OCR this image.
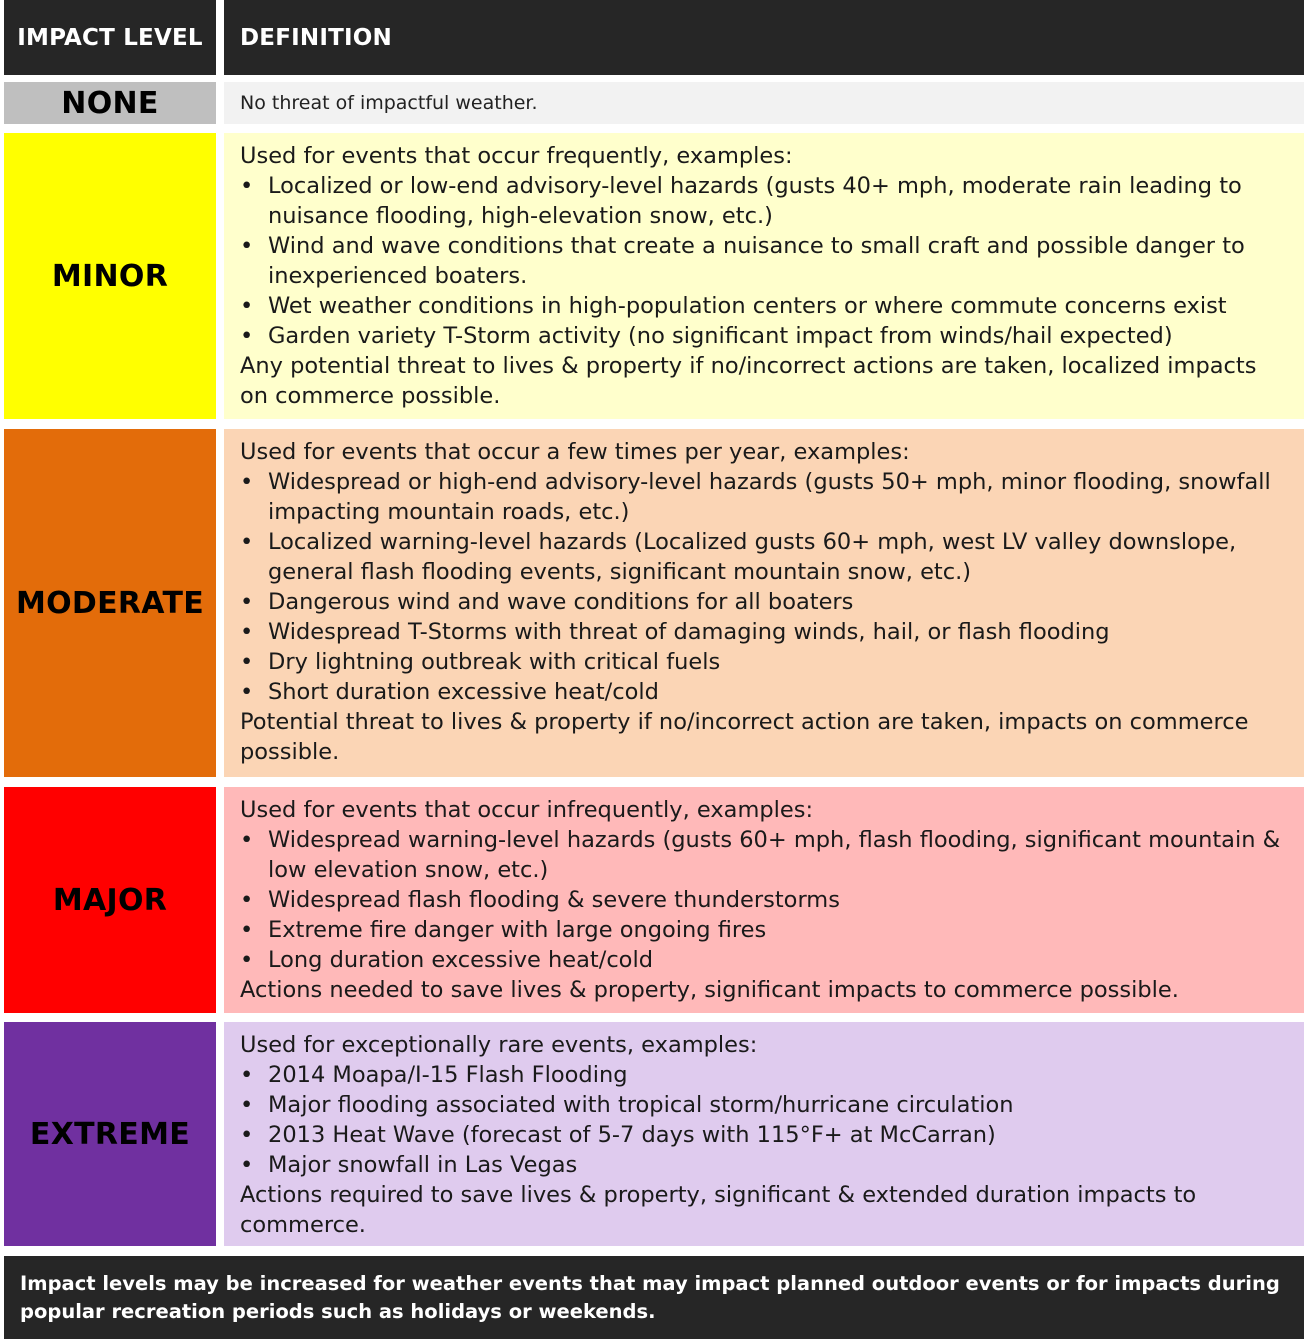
IMPACT LEVEL DEFINITION
NONE	No threat of impactful weather.
MINOR

Used for events that occur frequently, examples:

• Localized or low-end advisory-level hazards (gusts 40+ mph, moderate rain leading to nuisance flooding, high-elevation snow, etc.)
• Wind and wave conditions that create a nuisance to small craft and possible danger to inexperienced boaters.
• Wet weather conditions in high-population centers or where commute concerns exist
• Garden variety T-Storm activity (no significant impact from winds/hail expected)

Any potential threat to lives & property if no/incorrect actions are taken, localized impacts on commerce possible.

MODERATE

Used for events that occur a few times per year, examples:

• Widespread or high-end advisory-level hazards (gusts 50+ mph, minor flooding, snowfall impacting mountain roads, etc.)
• Localized warning-level hazards (Localized gusts 60+ mph, west LV valley downslope, general flash flooding events, significant mountain snow, etc.)
• Dangerous wind and wave conditions for all boaters
• Widespread T-Storms with threat of damaging winds, hail, or flash flooding
• Dry lightning outbreak with critical fuels
• Short duration excessive heat/cold

Potential threat to lives & property if no/incorrect action are taken, impacts on commerce possible.

MAJOR

Used for events that occur infrequently, examples:

• Widespread warning-level hazards (gusts 60+ mph, flash flooding, significant mountain & low elevation snow, etc.)
• Widespread flash flooding & severe thunderstorms
• Extreme fire danger with large ongoing fires
• Long duration excessive heat/cold

Actions needed to save lives & property, significant impacts to commerce possible.

EXTREME

Used for exceptionally rare events, examples:

• 2014 Moapa/I-15 Flash Flooding
• Major flooding associated with tropical storm/hurricane circulation
• 2013 Heat Wave (forecast of 5-7 days with 115°F+ at McCarran)
• Major snowfall in Las Vegas

Actions required to save lives & property, significant & extended duration impacts to commerce.

Impact levels may be increased for weather events that may impact planned outdoor events or for impacts during popular recreation periods such as holidays or weekends.
